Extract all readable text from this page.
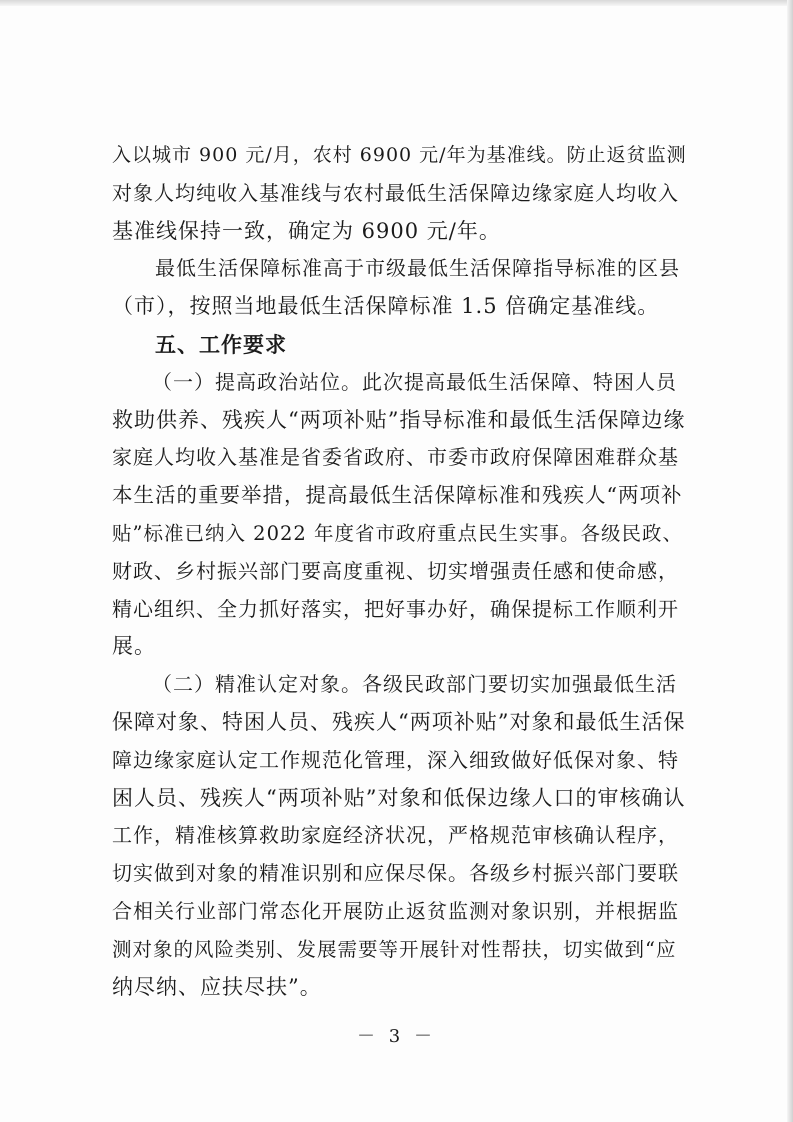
入以城市 900 元/月，农村 6900 元/年为基准线。防止返贫监测
对象人均纯收入基准线与农村最低生活保障边缘家庭人均收入
基准线保持一致，确定为 6900 元/年。
最低生活保障标准高于市级最低生活保障指导标准的区县
（市），按照当地最低生活保障标准 1.5 倍确定基准线。
五、工作要求
（一）提高政治站位。此次提高最低生活保障、特困人员
救助供养、残疾人“两项补贴”指导标准和最低生活保障边缘
家庭人均收入基准是省委省政府、市委市政府保障困难群众基
本生活的重要举措，提高最低生活保障标准和残疾人“两项补
贴”标准已纳入 2022 年度省市政府重点民生实事。各级民政、
财政、乡村振兴部门要高度重视、切实增强责任感和使命感，
精心组织、全力抓好落实，把好事办好，确保提标工作顺利开
展。
（二）精准认定对象。各级民政部门要切实加强最低生活
保障对象、特困人员、残疾人“两项补贴”对象和最低生活保
障边缘家庭认定工作规范化管理，深入细致做好低保对象、特
困人员、残疾人“两项补贴”对象和低保边缘人口的审核确认
工作，精准核算救助家庭经济状况，严格规范审核确认程序，
切实做到对象的精准识别和应保尽保。各级乡村振兴部门要联
合相关行业部门常态化开展防止返贫监测对象识别，并根据监
测对象的风险类别、发展需要等开展针对性帮扶，切实做到“应
纳尽纳、应扶尽扶”。
－ 3 －
